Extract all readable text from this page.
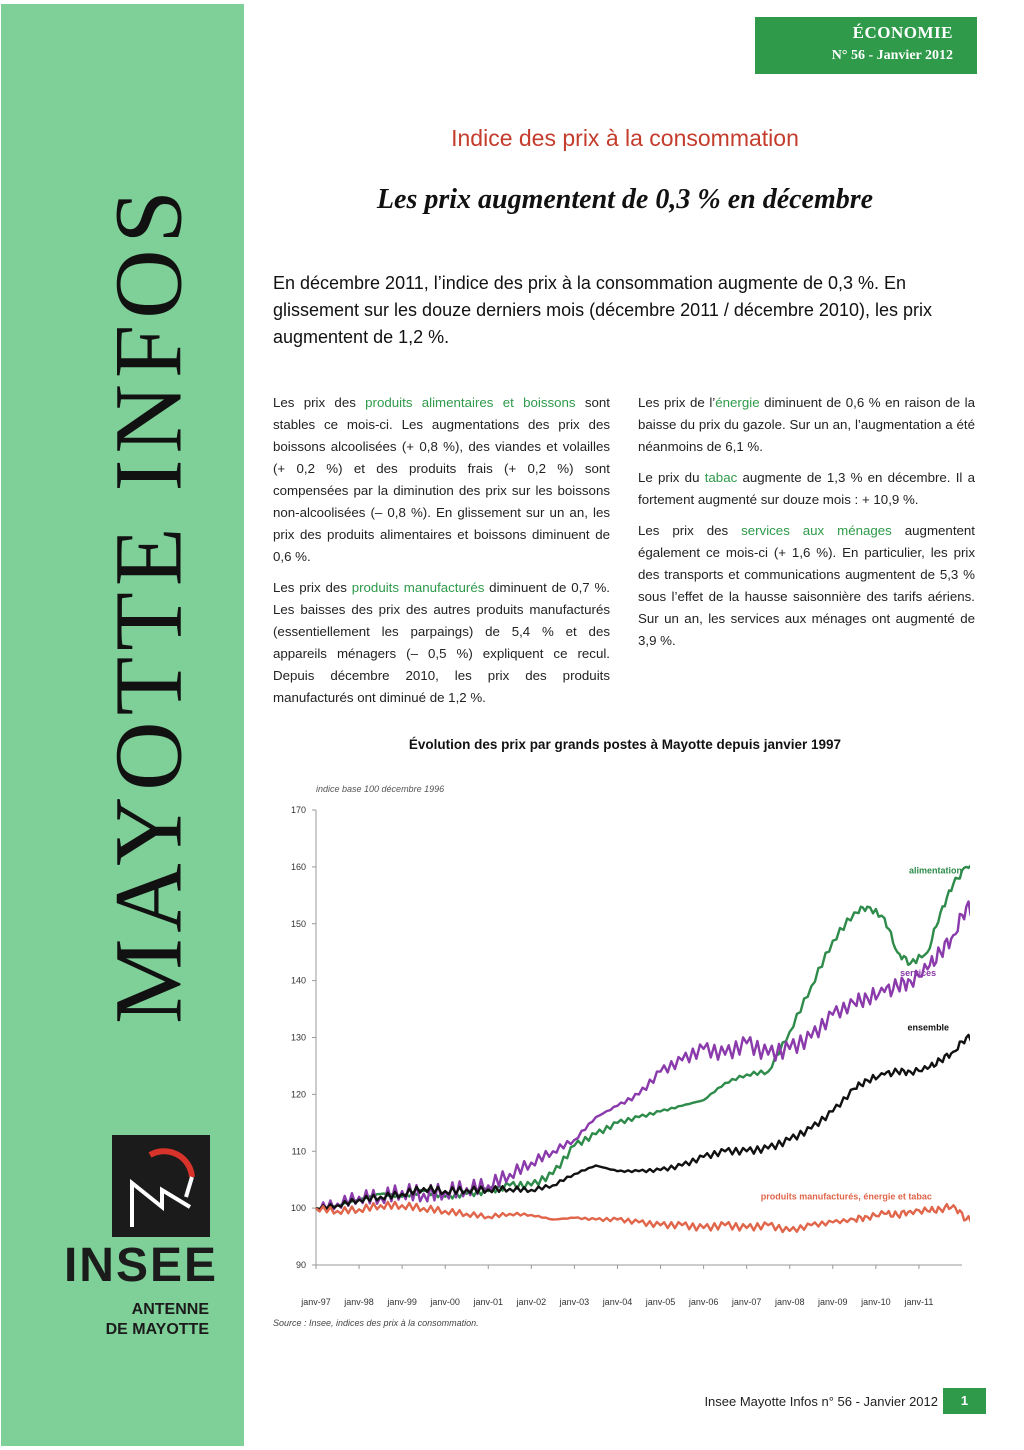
MAYOTTE INFOS
INSEE
ANTENNE
DE MAYOTTE
ÉCONOMIE
N° 56 - Janvier 2012
Indice des prix à la consommation
Les prix augmentent de 0,3 % en décembre
En décembre 2011, l’indice des prix à la consommation augmente de 0,3 %. En glissement sur les douze derniers mois (décembre 2011 / décembre 2010), les prix augmentent de 1,2 %.

Les prix des produits alimentaires et boissons sont stables ce mois-ci. Les augmentations des prix des boissons alcoolisées (+ 0,8 %), des viandes et volailles (+ 0,2 %) et des produits frais (+ 0,2 %) sont compensées par la diminution des prix sur les boissons non-alcoolisées (– 0,8 %). En glissement sur un an, les prix des produits alimentaires et boissons diminuent de 0,6 %.

Les prix des produits manufacturés diminuent de 0,7 %. Les baisses des prix des autres produits manufacturés (essentiellement les parpaings) de 5,4 % et des appareils ménagers (– 0,5 %) expliquent ce recul. Depuis décembre 2010, les prix des produits manufacturés ont diminué de 1,2 %.

Les prix de l’énergie diminuent de 0,6 % en raison de la baisse du prix du gazole. Sur un an, l’augmentation a été néanmoins de 6,1 %.

Le prix du tabac augmente de 1,3 % en décembre. Il a fortement augmenté sur douze mois : + 10,9 %.

Les prix des services aux ménages augmentent également ce mois-ci (+ 1,6 %). En particulier, les prix des transports et communications augmentent de 5,3 % sous l’effet de la hausse saisonnière des tarifs aériens. Sur un an, les services aux ménages ont augmenté de 3,9 %.

Évolution des prix par grands postes à Mayotte depuis janvier 1997
indice base 100 décembre 1996
90
100
110
120
130
140
150
160
170
janv-97 janv-98 janv-99 janv-00 janv-01 janv-02 janv-03 janv-04 janv-05 janv-06 janv-07 janv-08 janv-09 janv-10 janv-11
alimentation
services
ensemble
produits manufacturés, énergie et tabac
Source : Insee, indices des prix à la consommation.
Insee Mayotte Infos n° 56 - Janvier 2012	1
